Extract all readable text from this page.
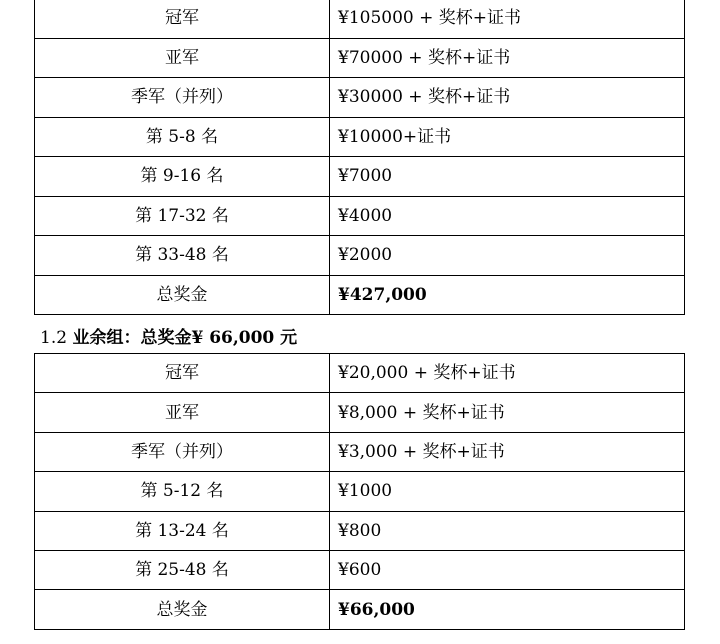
冠军	¥105000 + 奖杯+证书
亚军	¥70000 + 奖杯+证书
季军（并列）	¥30000 + 奖杯+证书
第 5-8 名	¥10000+证书
第 9-16 名	¥7000
第 17-32 名	¥4000
第 33-48 名	¥2000
总奖金	¥427,000
1.2 业余组：总奖金¥ 66,000 元
冠军	¥20,000 + 奖杯+证书
亚军	¥8,000 + 奖杯+证书
季军（并列）	¥3,000 + 奖杯+证书
第 5-12 名	¥1000
第 13-24 名	¥800
第 25-48 名	¥600
总奖金	¥66,000
